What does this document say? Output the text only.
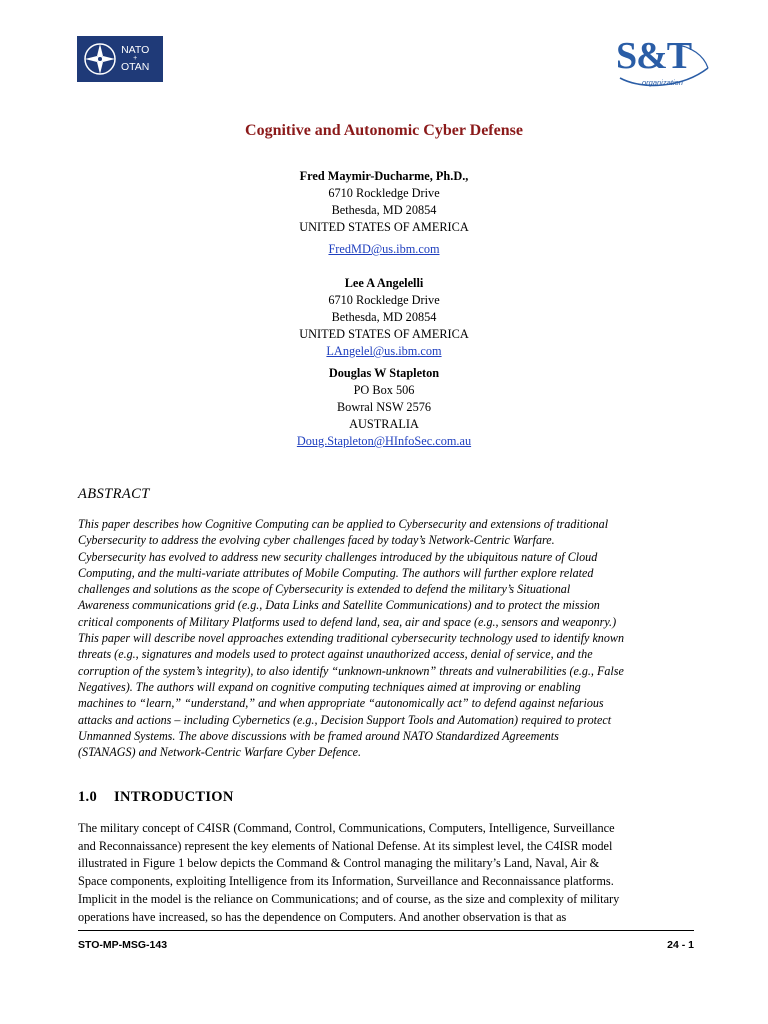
NATO
+
OTAN	S&T
organization
Cognitive and Autonomic Cyber Defense
Fred Maymir-Ducharme, Ph.D.,
6710 Rockledge Drive
Bethesda, MD 20854
UNITED STATES OF AMERICA
FredMD@us.ibm.com
Lee A Angelelli
6710 Rockledge Drive
Bethesda, MD 20854
UNITED STATES OF AMERICA
LAngelel@us.ibm.com
Douglas W Stapleton
PO Box 506
Bowral NSW 2576
AUSTRALIA
Doug.Stapleton@HInfoSec.com.au
ABSTRACT
This paper describes how Cognitive Computing can be applied to Cybersecurity and extensions of traditional
Cybersecurity to address the evolving cyber challenges faced by today’s Network-Centric Warfare.
Cybersecurity has evolved to address new security challenges introduced by the ubiquitous nature of Cloud
Computing, and the multi-variate attributes of Mobile Computing. The authors will further explore related
challenges and solutions as the scope of Cybersecurity is extended to defend the military’s Situational
Awareness communications grid (e.g., Data Links and Satellite Communications) and to protect the mission
critical components of Military Platforms used to defend land, sea, air and space (e.g., sensors and weaponry.)
This paper will describe novel approaches extending traditional cybersecurity technology used to identify known
threats (e.g., signatures and models used to protect against unauthorized access, denial of service, and the
corruption of the system’s integrity), to also identify “unknown-unknown” threats and vulnerabilities (e.g., False
Negatives). The authors will expand on cognitive computing techniques aimed at improving or enabling
machines to “learn,” “understand,” and when appropriate “autonomically act” to defend against nefarious
attacks and actions – including Cybernetics (e.g., Decision Support Tools and Automation) required to protect
Unmanned Systems. The above discussions with be framed around NATO Standardized Agreements
(STANAGS) and Network-Centric Warfare Cyber Defence.
1.0 INTRODUCTION
The military concept of C4ISR (Command, Control, Communications, Computers, Intelligence, Surveillance
and Reconnaissance) represent the key elements of National Defense. At its simplest level, the C4ISR model
illustrated in Figure 1 below depicts the Command & Control managing the military’s Land, Naval, Air &
Space components, exploiting Intelligence from its Information, Surveillance and Reconnaissance platforms.
Implicit in the model is the reliance on Communications; and of course, as the size and complexity of military
operations have increased, so has the dependence on Computers. And another observation is that as
STO-MP-MSG-143	24 - 1
